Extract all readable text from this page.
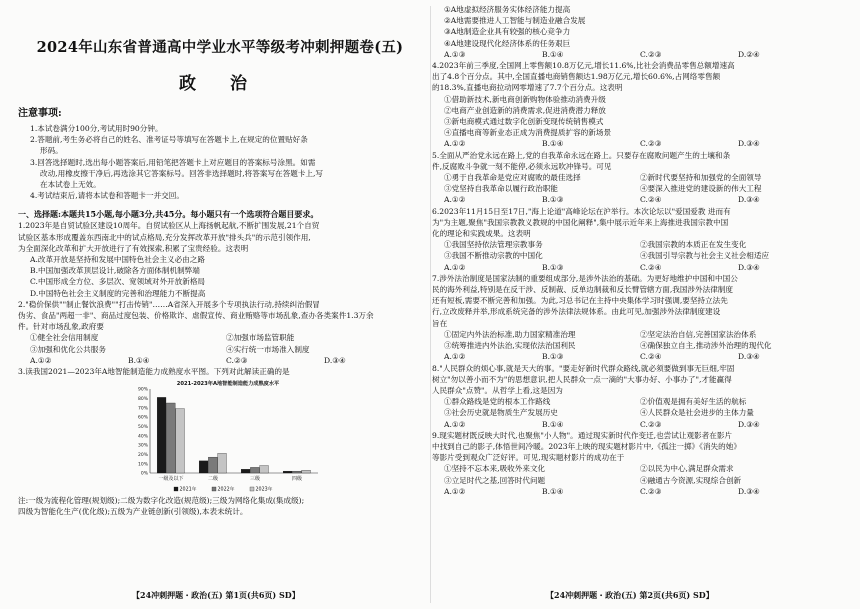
2024年山东省普通高中学业水平等级考冲刺押题卷(五)
政 治
注意事项:

1.本试卷满分100分,考试用时90分钟。

2.答题前,考生务必将自己的姓名、准考证号等填写在答题卡上,在规定的位置贴好条

形码。

3.回答选择题时,选出每小题答案后,用铅笔把答题卡上对应题目的答案标号涂黑。如需

改动,用橡皮擦干净后,再选涂其它答案标号。回答非选择题时,将答案写在答题卡上,写

在本试卷上无效。

4.考试结束后,请将本试卷和答题卡一并交回。

一、选择题:本题共15小题,每小题3分,共45分。每小题只有一个选项符合题目要求。

1.2023年是自贸试验区建设10周年。自贸试验区从上海扬帆起航,不断扩围发展,21个自贸

试验区基本形成覆盖东西南北中的试点格局,充分发挥改革开放"排头兵"的示范引领作用,

为全面深化改革和扩大开放进行了有效探索,积累了宝贵经验。这表明

A.改革开放是坚持和发展中国特色社会主义必由之路

B.中国加强改革顶层设计,破除各方面体制机制弊端

C.中国形成全方位、多层次、宽领域对外开放新格局

D.中国特色社会主义制度的完善和治理能力不断提高

2."稳价保供""制止餐饮浪费""打击传销"……A省深入开展多个专项执法行动,持续纠治假冒

伪劣、食品"两超一非"、商品过度包装、价格欺诈、虐假宣传、商业贿赂等市场乱象,查办各类案件1.3万余

件。针对市场乱象,政府要

①健全社会信用制度	②加强市场监管职能

③加强和优化公共服务	④实行统一市场准入制度

A.①②	B.①④	C.②③	D.③④

3.读我国2021—2023年A地智能制造能力成熟度水平图。下列对此解读正确的是

2021-2023年A地智能制造能力成熟度水平
0%
10%
20%
30%
40%
50%
60%
70%
80%
90%
一级及以下	二级	三级	四级
2021年	2022年	2023年

注:一级为流程化管理(规划级);二级为数字化改造(规范级);三级为网络化集成(集成级);

四级为智能化生产(优化级);五级为产业链创新(引领级),本表未统计。

①A地虚拟经济服务实体经济能力提高

②A地需要推进人工智能与制造业融合发展

③A地制造企业具有较强的核心竞争力

④A地建设现代化经济体系的任务艰巨

A.①③	B.①④	C.②③	D.②④

4.2023年前三季度,全国网上零售额10.8万亿元,增长11.6%,比社会消费品零售总额增速高

出了4.8个百分点。其中,全国直播电商销售额达1.98万亿元,增长60.6%,占网络零售额

的18.3%,直播电商拉动网零增速了7.7个百分点。这表明

①借助新技术,新电商创新购物体验推动消费升级

②电商产业创造新的消费需求,促进消费潜力释放

③新电商模式通过数字化创新变现传统销售模式

④直播电商等新业态正成为消费提质扩容的新场景

A.①②	B.①④	C.②③	D.③④

5.全面从严治党永远在路上,党的自我革命永远在路上。只要存在腐败问题产生的土壤和条

件,反腐败斗争就一刻不能停,必须永远吹冲锋号。可见

①勇于自我革命是党应对腐败的最佳选择	②新时代要坚持和加强党的全面领导

③党坚持自我革命以履行政治职能	④要深入推进党的建设新的伟大工程

A.①②	B.①③	C.②④	D.③④

6.2023年11月15日至17日,"海上论道"高峰论坛在沪举行。本次论坛以"爱国爱教 进而有

为"为主题,聚焦"我国宗教教义教规的中国化阐释",集中展示近年来上海推进我国宗教中国

化的理论和实践成果。这表明

①我国坚持依法管理宗教事务	②我国宗教的本质正在发生变化

③我国不断推动宗教的中国化	④我国引导宗教与社会主义社会相适应

A.①②	B.①③	C.②④	D.③④

7.涉外法治制度是国家法制的重要组成部分,是涉外法治的基础。为更好地维护中国和中国公

民的海外利益,特别是在反干涉、反制裁、反单边制裁和反长臂管辖方面,我国涉外法律制度

还有短板,需要不断完善和加强。为此,习总书记在主持中央集体学习时强调,要坚持立法先

行,立改废释并举,形成系统完备的涉外法律法规体系。由此可见,加强涉外法律制度建设

旨在

①固定内外法治标准,助力国家精准治理	②坚定法治自信,完善国家法治体系

③统筹推进内外法治,实现依法治国利民	④确保独立自主,推动涉外治理的现代化

A.①②	B.①③	C.②④	D.③④

8."人民群众的烦心事,就是天大的事。"要走好新时代群众路线,就必须要做到事无巨细,牢固

树立"勿以善小而不为"的思想意识,把人民群众一点一滴的"大事办好、小事办了",才能赢得

人民群众"点赞"。从哲学上看,这是因为

①群众路线是党的根本工作路线	②价值观是拥有美好生活的航标

③社会历史就是物质生产发展历史	④人民群众是社会进步的主体力量

A.①②	B.①④	C.②③	D.③④

9.现实题材既反映大时代,也聚焦"小人物"。通过现实新时代作变迁,也尝试让观影者在影片

中找到自己的影子,体悟世间冷暖。2023年上映的现实题材影片中,《孤注一掷》《消失的她》

等影片受到观众广泛好评。可见,现实题材影片的成功在于

①坚持不忘本来,吸收外来文化	②以民为中心,满足群众需求

③立足时代之基,回答时代问题	④融通古今资源,实现综合创新

A.①②	B.①④	C.②③	D.③④

【24冲刺押题・政治(五) 第1页(共6页) SD】	【24冲刺押题・政治(五) 第2页(共6页) SD】
